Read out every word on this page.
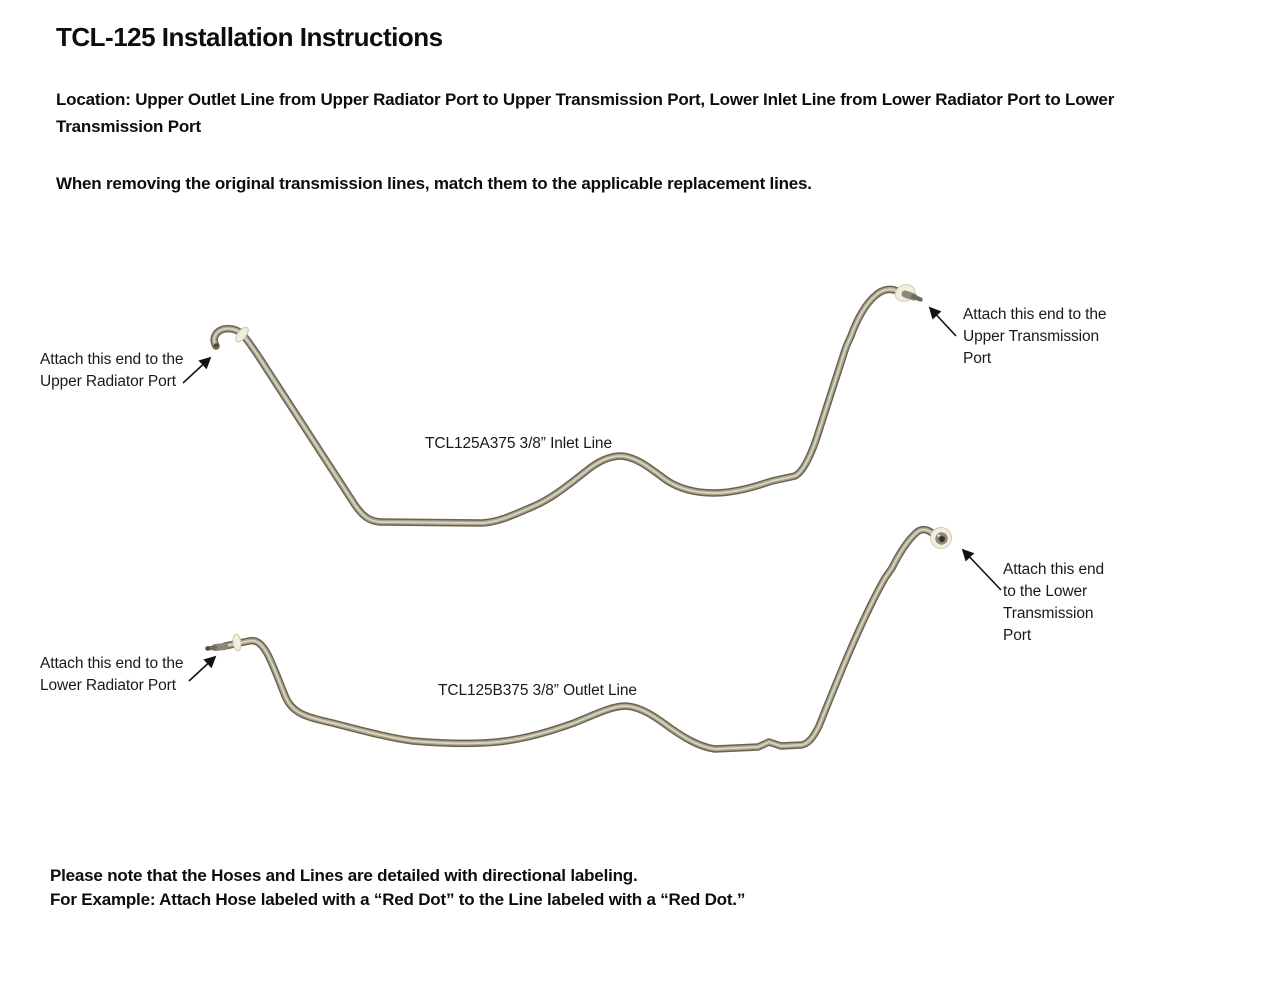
TCL-125 Installation Instructions
Location: Upper Outlet Line from Upper Radiator Port to Upper Transmission Port, Lower Inlet Line from Lower Radiator Port to Lower Transmission Port
When removing the original transmission lines, match them to the applicable replacement lines.
Attach this end to the
Upper Radiator Port
Attach this end to the
Upper Transmission
Port
TCL125A375 3/8” Inlet Line
Attach this end to the
Lower Radiator Port
Attach this end
to the Lower
Transmission
Port
TCL125B375 3/8” Outlet Line
Please note that the Hoses and Lines are detailed with directional labeling.
For Example: Attach Hose labeled with a “Red Dot” to the Line labeled with a “Red Dot.”
